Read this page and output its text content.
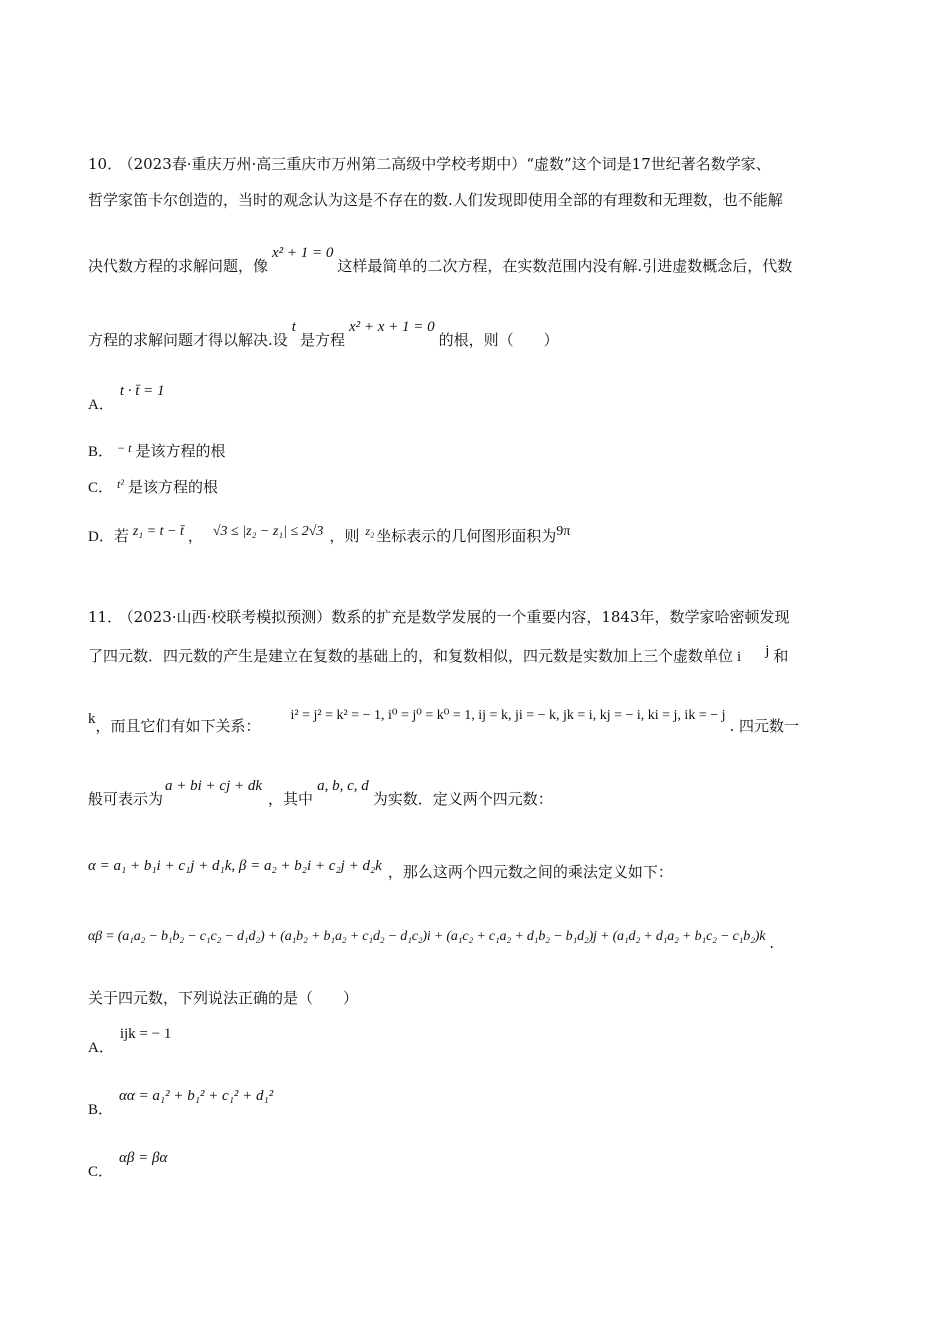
10． （2023春·重庆万州·高三重庆市万州第二高级中学校考期中）“虚数”这个词是17世纪著名数学家、
哲学家笛卡尔创造的，当时的观念认为这是不存在的数.人们发现即使用全部的有理数和无理数，也不能解
决代数方程的求解问题，像x² + 1 = 0这样最简单的二次方程，在实数范围内没有解.引进虚数概念后，代数
方程的求解问题才得以解决.设t是方程x² + x + 1 = 0的根，则（　　）
A．t · t̄ = 1
B． $^{- t}$ 是该方程的根
C． $^{t^2}$ 是该方程的根
D．若 z₁ = t − t̄ ， √3 ≤ |z₂ − z₁| ≤ 2√3 ，则 $^{z_2}$ 坐标表示的几何图形面积为9π
11． （2023·山西·校联考模拟预测）数系的扩充是数学发展的一个重要内容，1843年，数学家哈密顿发现
了四元数．四元数的产生是建立在复数的基础上的，和复数相似，四元数是实数加上三个虚数单位 i j 和
k，而且它们有如下关系：i² = j² = k² = − 1, i⁰ = j⁰ = k⁰ = 1, ij = k, ji = − k, jk = i, kj = − i, ki = j, ik = − j. 四元数一
般可表示为a + bi + cj + dk，其中a, b, c, d为实数．定义两个四元数：
α = a₁ + b₁i + c₁j + d₁k, β = a₂ + b₂i + c₂j + d₂k ，那么这两个四元数之间的乘法定义如下：
αβ = (a₁a₂ − b₁b₂ − c₁c₂ − d₁d₂) + (a₁b₂ + b₁a₂ + c₁d₂ − d₁c₂)i + (a₁c₂ + c₁a₂ + d₁b₂ − b₁d₂)j + (a₁d₂ + d₁a₂ + b₁c₂ − c₁b₂)k .
关于四元数，下列说法正确的是（　　）
A．ijk = − 1
B．αα = a₁² + b₁² + c₁² + d₁²
C．αβ = βα
